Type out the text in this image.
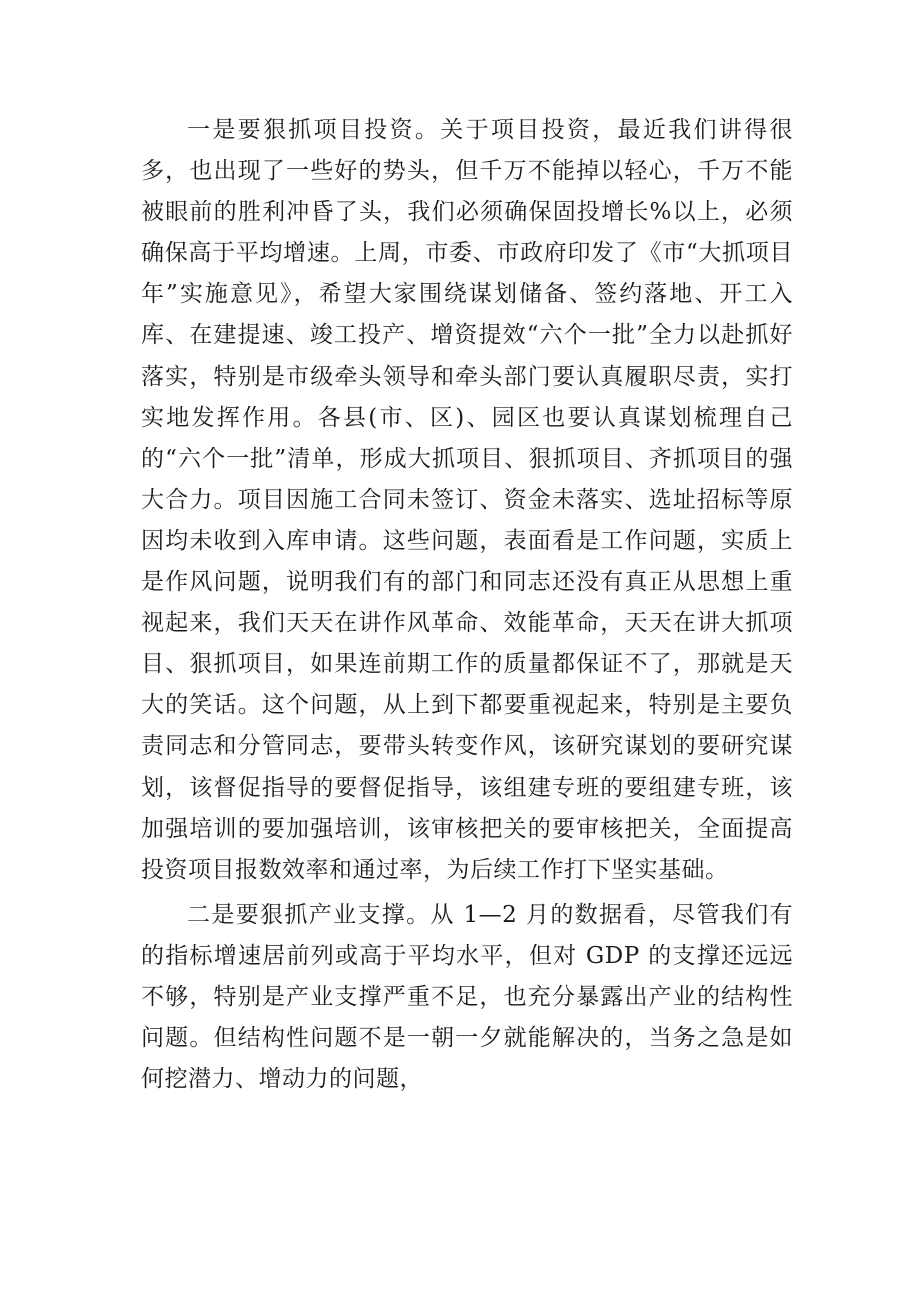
一是要狠抓项目投资。关于项目投资，最近我们讲得很多，也出现了一些好的势头，但千万不能掉以轻心，千万不能被眼前的胜利冲昏了头，我们必须确保固投增长%以上，必须确保高于平均增速。上周，市委、市政府印发了《市“大抓项目年”实施意见》，希望大家围绕谋划储备、签约落地、开工入库、在建提速、竣工投产、增资提效“六个一批”全力以赴抓好落实，特别是市级牵头领导和牵头部门要认真履职尽责，实打实地发挥作用。各县(市、区)、园区也要认真谋划梳理自己的“六个一批”清单，形成大抓项目、狠抓项目、齐抓项目的强大合力。项目因施工合同未签订、资金未落实、选址招标等原因均未收到入库申请。这些问题，表面看是工作问题，实质上是作风问题，说明我们有的部门和同志还没有真正从思想上重视起来，我们天天在讲作风革命、效能革命，天天在讲大抓项目、狠抓项目，如果连前期工作的质量都保证不了，那就是天大的笑话。这个问题，从上到下都要重视起来，特别是主要负责同志和分管同志，要带头转变作风，该研究谋划的要研究谋划，该督促指导的要督促指导，该组建专班的要组建专班，该加强培训的要加强培训，该审核把关的要审核把关，全面提高投资项目报数效率和通过率，为后续工作打下坚实基础。

二是要狠抓产业支撑。从 1—2 月的数据看，尽管我们有的指标增速居前列或高于平均水平，但对 GDP 的支撑还远远不够，特别是产业支撑严重不足，也充分暴露出产业的结构性问题。但结构性问题不是一朝一夕就能解决的，当务之急是如何挖潜力、增动力的问题，
